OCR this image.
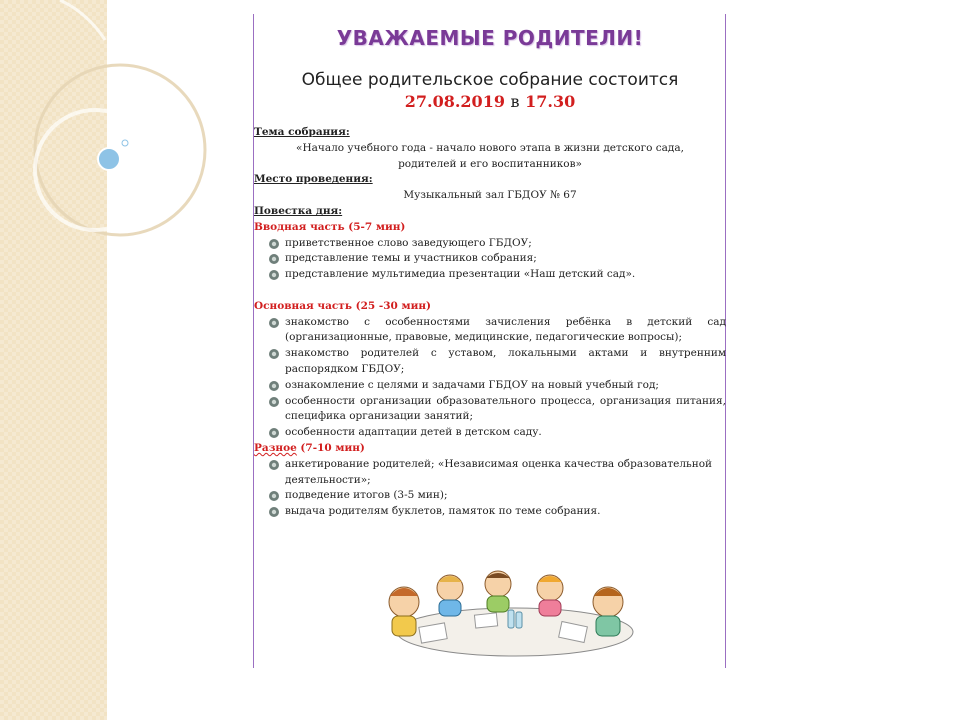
УВАЖАЕМЫЕ РОДИТЕЛИ!
Общее родительское собрание состоится
27.08.2019 в 17.30
Тема собрания:
«Начало учебного года - начало нового этапа в жизни детского сада,
родителей и его воспитанников»
Место проведения:
Музыкальный зал ГБДОУ № 67
Повестка дня:
Вводная часть (5-7 мин)
приветственное слово заведующего ГБДОУ;
представление темы и участников собрания;
представление мультимедиа презентации «Наш детский сад».
Основная часть (25 -30 мин)
знакомство с особенностями зачисления ребёнка в детский сад (организационные, правовые, медицинские, педагогические вопросы);
знакомство родителей с уставом, локальными актами и внутренним распорядком ГБДОУ;
ознакомление с целями и задачами ГБДОУ на новый учебный год;
особенности организации образовательного процесса, организация питания, специфика организации занятий;
особенности адаптации детей в детском саду.
Разное (7-10 мин)
анкетирование родителей; «Независимая оценка качества образовательной деятельности»;
подведение итогов (3-5 мин);
выдача родителям буклетов, памяток по теме собрания.
